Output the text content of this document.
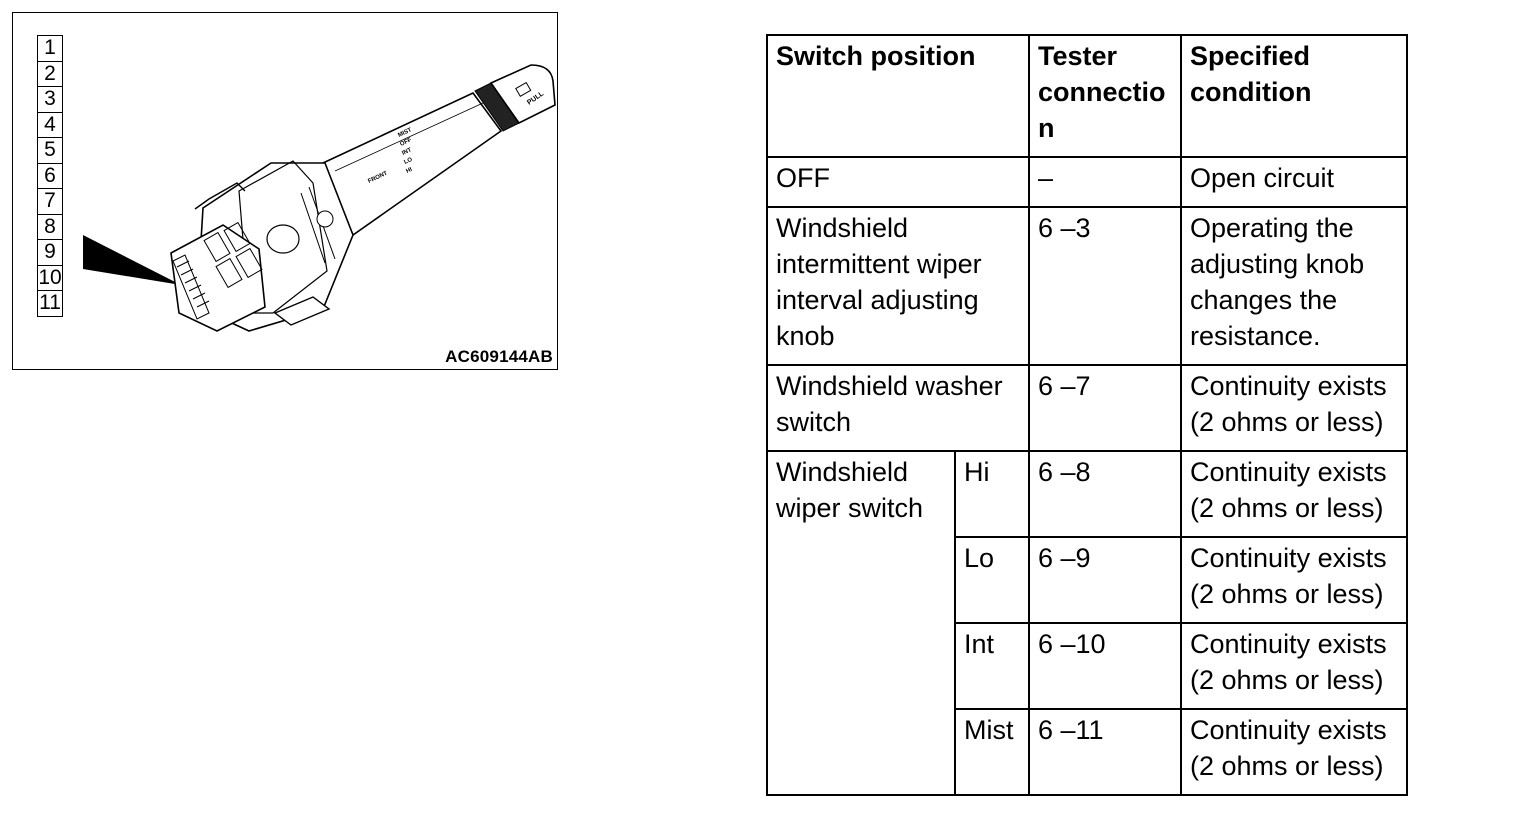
1
2
3
4
5
6
7
8
9
10
11
PULL
FRONT
MIST
OFF
INT
LO
HI
AC609144AB
Switch position		Tester connectio n	Specified condition
OFF		–	Open circuit
Windshield intermittent wiper interval adjusting knob		6 –3	Operating the adjusting knob changes the resistance.
Windshield washer switch		6 –7	Continuity exists (2 ohms or less)
Windshield wiper switch	Hi	6 –8	Continuity exists (2 ohms or less)
	Lo	6 –9	Continuity exists (2 ohms or less)
	Int	6 –10	Continuity exists (2 ohms or less)
	Mist	6 –11	Continuity exists (2 ohms or less)
